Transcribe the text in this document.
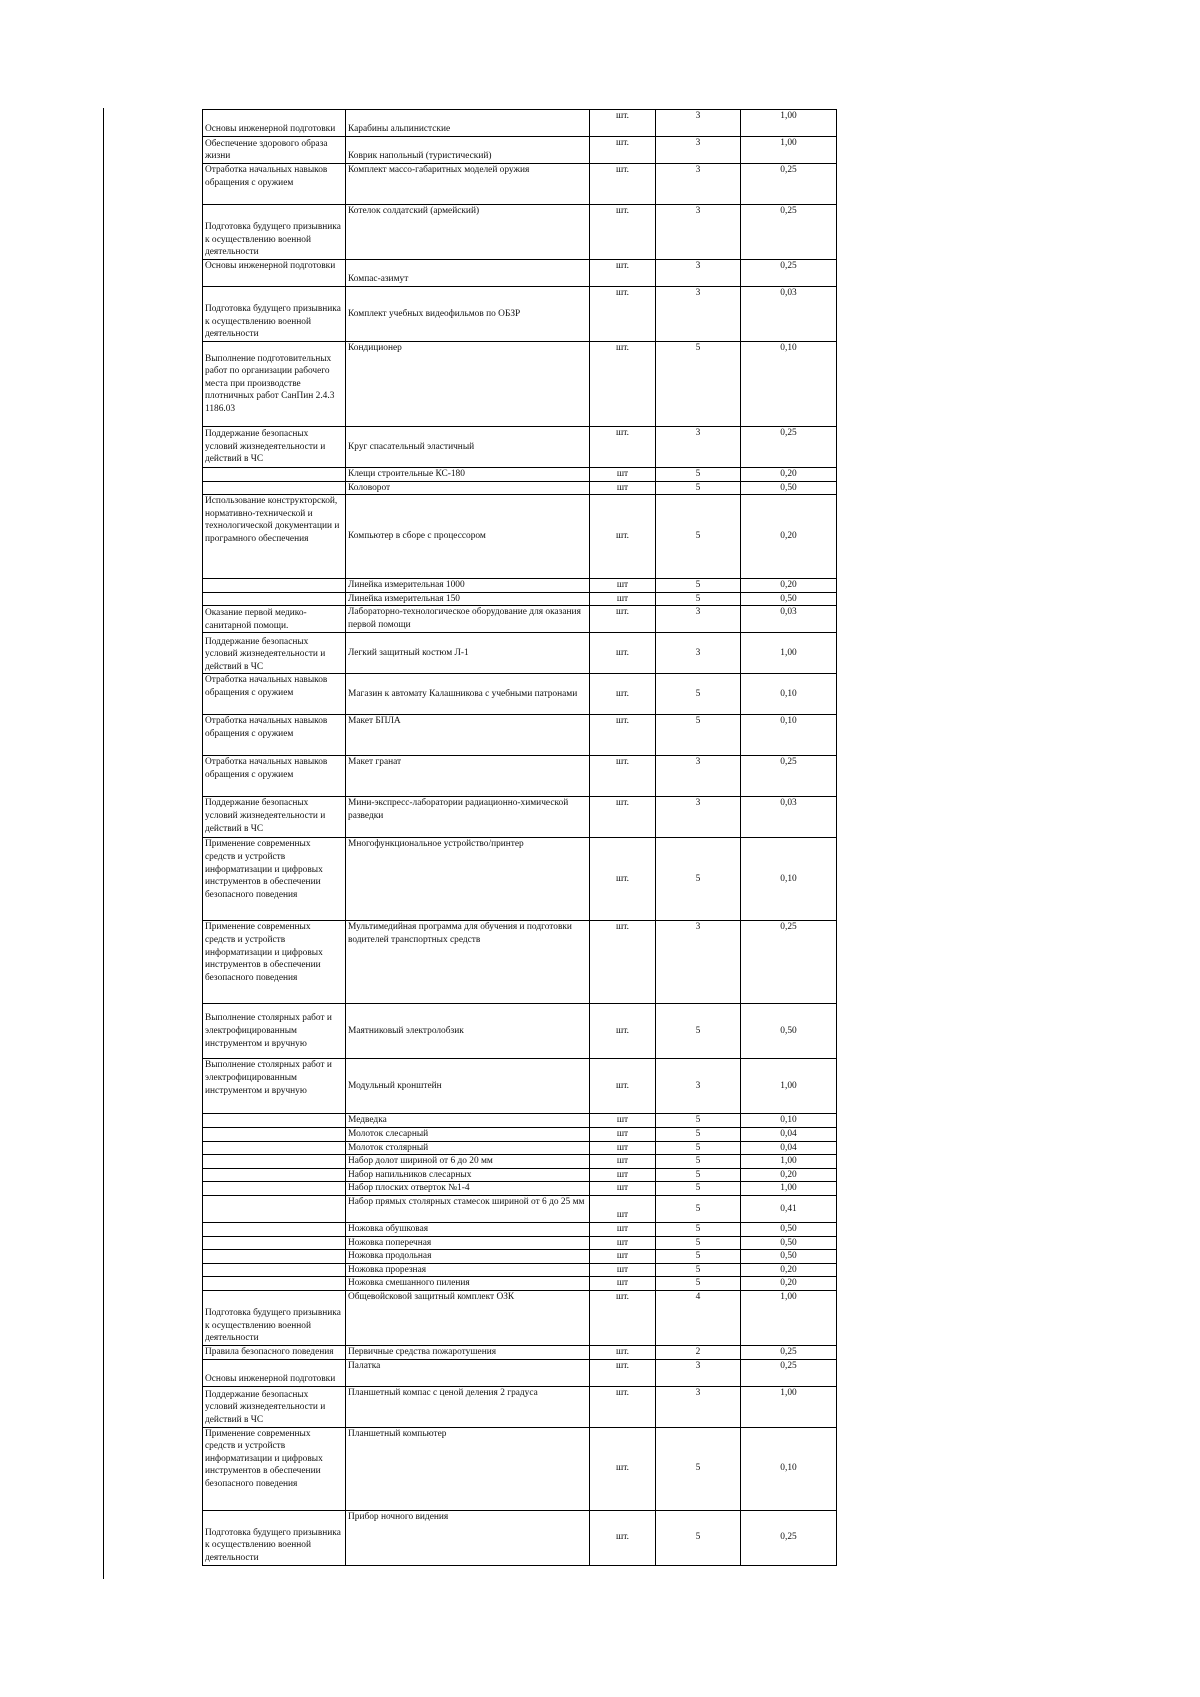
Основы инженерной подготовки	Карабины альпинистские	шт.	3	1,00
Обеспечение здорового образа жизни	Коврик напольный (туристический)	шт.	3	1,00
Отработка начальных навыков обращения с оружием	Комплект массо-габаритных моделей оружия	шт.	3	0,25
Подготовка будущего призывника к осуществлению военной деятельности	Котелок солдатский (армейский)	шт.	3	0,25
Основы инженерной подготовки	Компас-азимут	шт.	3	0,25
Подготовка будущего призывника к осуществлению военной деятельности	Комплект учебных видеофильмов по ОБЗР	шт.	3	0,03
Выполнение подготовительных работ по организации рабочего места при производстве плотничных работ СанПин 2.4.3 1186.03	Кондиционер	шт.	5	0,10
Поддержание безопасных условий жизнедеятельности и действий в ЧС	Круг спасательный эластичный	шт.	3	0,25
	Клещи строительные КС-180	шт	5	0,20
	Коловорот	шт	5	0,50
Использование конструкторской, нормативно-технической и технологической документации и програмного обеспечения	Компьютер в сборе с процессором	шт.	5	0,20
	Линейка измерительная 1000	шт	5	0,20
	Линейка измерительная 150	шт	5	0,50
Оказание первой медико-санитарной помощи.	Лабораторно-технологическое оборудование для оказания первой помощи	шт.	3	0,03
Поддержание безопасных условий жизнедеятельности и действий в ЧС	Легкий защитный костюм Л-1	шт.	3	1,00
Отработка начальных навыков обращения с оружием	Магазин к автомату Калашникова с учебными патронами	шт.	5	0,10
Отработка начальных навыков обращения с оружием	Макет БПЛА	шт.	5	0,10
Отработка начальных навыков обращения с оружием	Макет гранат	шт.	3	0,25
Поддержание безопасных условий жизнедеятельности и действий в ЧС	Мини-экспресс-лаборатории радиационно-химической разведки	шт.	3	0,03
Применение современных средств и устройств информатизации и цифровых инструментов в обеспечении безопасного поведения	Многофункциональное устройство/принтер	шт.	5	0,10
Применение современных средств и устройств информатизации и цифровых инструментов в обеспечении безопасного поведения	Мультимедийная программа для обучения и подготовки водителей транспортных средств	шт.	3	0,25
Выполнение столярных работ и электрофицированным инструментом и вручную	Маятниковый электролобзик	шт.	5	0,50
Выполнение столярных работ и электрофицированным инструментом и вручную	Модульный кронштейн	шт.	3	1,00
	Медведка	шт	5	0,10
	Молоток слесарный	шт	5	0,04
	Молоток столярный	шт	5	0,04
	Набор долот шириной от 6 до 20 мм	шт	5	1,00
	Набор напильников слесарных	шт	5	0,20
	Набор плоских отверток №1-4	шт	5	1,00
	Набор прямых столярных стамесок шириной от 6 до 25 мм	шт	5	0,41
	Ножовка обушковая	шт	5	0,50
	Ножовка поперечная	шт	5	0,50
	Ножовка продольная	шт	5	0,50
	Ножовка прорезная	шт	5	0,20
	Ножовка смешанного пиления	шт	5	0,20
Подготовка будущего призывника к осуществлению военной деятельности	Общевойсковой защитный комплект ОЗК	шт.	4	1,00
Правила безопасного поведения	Первичные средства пожаротушения	шт.	2	0,25
Основы инженерной подготовки	Палатка	шт.	3	0,25
Поддержание безопасных условий жизнедеятельности и действий в ЧС	Планшетный компас с ценой деления 2 градуса	шт.	3	1,00
Применение современных средств и устройств информатизации и цифровых инструментов в обеспечении безопасного поведения	Планшетный компьютер	шт.	5	0,10
Подготовка будущего призывника к осуществлению военной деятельности	Прибор ночного видения	шт.	5	0,25
